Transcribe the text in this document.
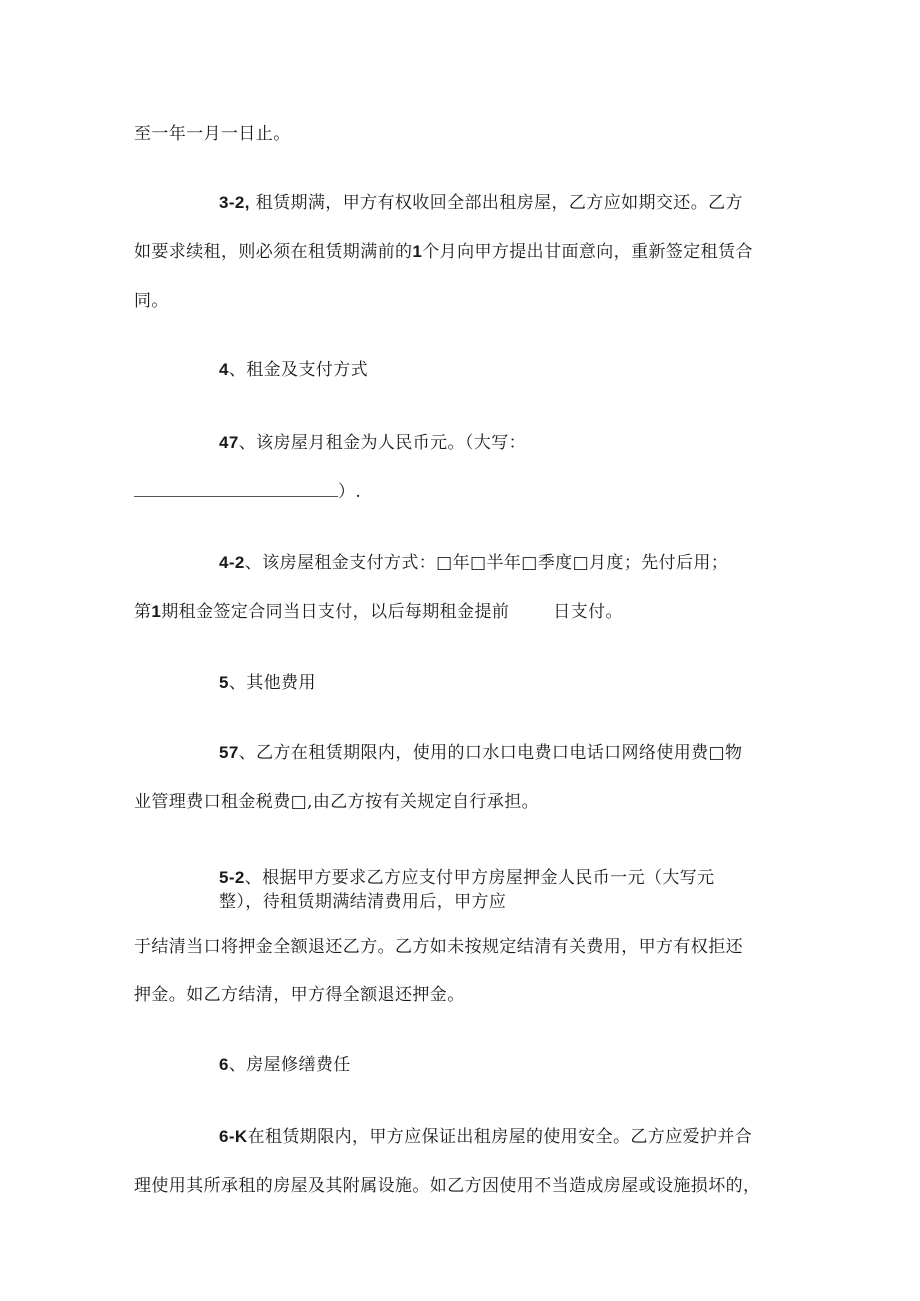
至一年一月一日止。
3-2, 租赁期满，甲方有权收回全部出租房屋，乙方应如期交还。乙方
如要求续租，则必须在租赁期满前的1个月向甲方提出甘面意向，重新签定租赁合
同。
4、租金及支付方式
47、该房屋月租金为人民币元。（大写：
）.
4-2、该房屋租金支付方式：□年□半年□季度□月度；先付后用；
第1期租金签定合同当日支付，以后每期租金提前	日支付。
5、其他费用
57、乙方在租赁期限内，使用的口水口电费口电话口网络使用费□物
业管理费口租金税费□,由乙方按有关规定自行承担。
5-2、根据甲方要求乙方应支付甲方房屋押金人民币一元（大写元
整），待租赁期满结清费用后，甲方应
于结清当口将押金全额退还乙方。乙方如未按规定结清有关费用，甲方有权拒还
押金。如乙方结清，甲方得全额退还押金。
6、房屋修缮费任
6-K在租赁期限内，甲方应保证出租房屋的使用安全。乙方应爱护并合
理使用其所承租的房屋及其附属设施。如乙方因使用不当造成房屋或设施损坏的，
